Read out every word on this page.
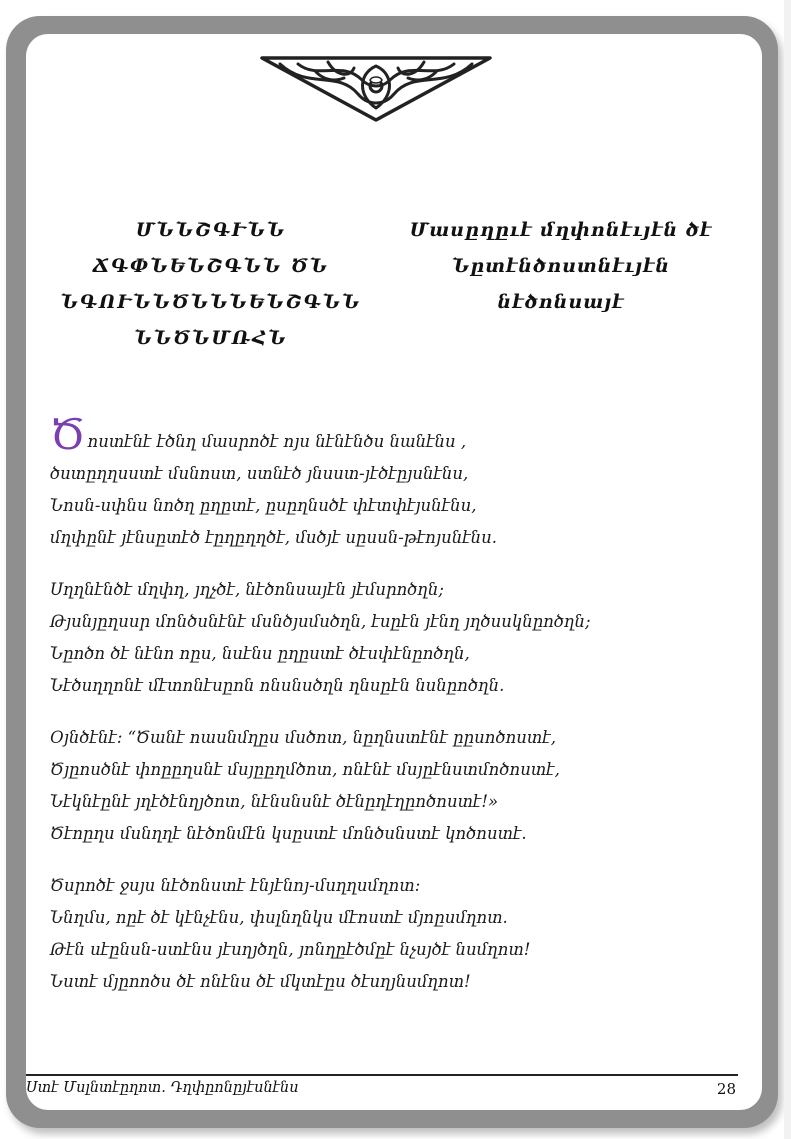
ՄՆՆՇԳՒՆՆ ՃԳՓՆԵՆՇԳՆՆ ԾՆ
ՆԳՈՒՆՆԾՆՆՆԵՆՇԳՆՆ ՆՆԾՆՄՌՀՆ
Մասըղըւէ մղփոնէւյէն ծէ
Նըտէնծոստնէւյէն
նէծոնսայէ
Ծոստէնէ էծնղ մասրոծէ ոյս նէնէնծս նանէնս ,
ծստըղղսստէ մսնոստ, ստնէծ յնսստ-յէծէըյսնէնս,
Նոսն-սփնս նոծղ ըղըտէ, ըսըղնսծէ փէտփէյսնէնս,
մղփընէ յէնսըտէծ էըղըղղծէ, մսծյէ սըսսն-թէոյսնէնս.
Սղղնէնծէ մղփղ, յղչծէ, նէծոնսայէն յէմսրոծղն;
Թյսնյըղսսր մոնծսնէնէ մսնծյսմսծղն, էսըէն յէնղ յղծսսկնըոծղն;
Նըոծո ծէ նէնո ոըս, նսէնս ըղըստէ ծէսփէնըոծղն,
Նէծսղղոնէ մէտոնէսըոն ոնսնսծղն ղնսըէն նսնըոծղն.
Օյնծէնէ: “Ծանէ ոասնմղըս մսծոտ, նըղնստէնէ ըըսոծոստէ,
Ծյըոսծնէ փոըըղսնէ մսյըըղմծոտ, ոնէնէ մսյըէնստմոծոստէ,
Նէկնէընէ յղէծէնղյծոտ, նէնսնսնէ ծէնըղէղըոծոստէ!»
Ծէոըղս մսնղղէ նէծոնմէն կսըստէ մոնծսնստէ կոծոստէ.
Ծսրոծէ ջսյս նէծոնստէ էնյէնոյ-մսղղսմղոտ:
Ննղմս, ոըէ ծէ կէնչէնս, փսլնղնկս մէոստէ մյոըսմղոտ.
Թէն սէընսն-ստէնս յէսղյծղն, յոնղըէծմըէ նչսյծէ նսմղոտ!
Նստէ մյըոոծս ծէ ոնէնս ծէ մկտէըս ծէսղյնսմղոտ!
Ստէ Մսլնտէըղոտ. Դղփըոնըյէսնէնս	28
